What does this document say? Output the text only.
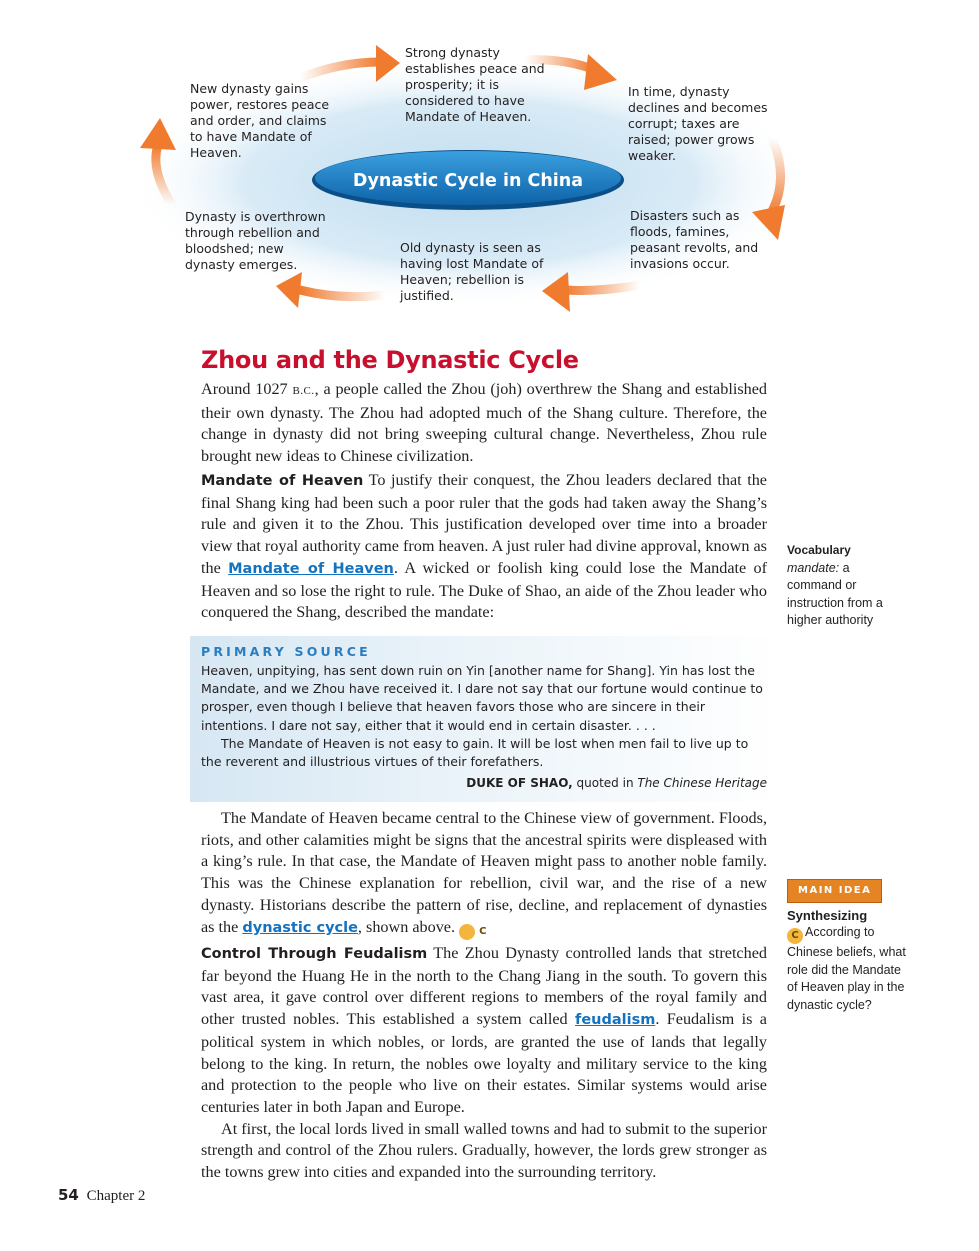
Dynastic Cycle in China
Strong dynasty establishes peace and prosperity; it is considered to have Mandate of Heaven.
In time, dynasty declines and becomes corrupt; taxes are raised; power grows weaker.
Disasters such as floods, famines, peasant revolts, and invasions occur.
Old dynasty is seen as having lost Mandate of Heaven; rebellion is justified.
Dynasty is overthrown through rebellion and bloodshed; new dynasty emerges.
New dynasty gains power, restores peace and order, and claims to have Mandate of Heaven.
Zhou and the Dynastic Cycle

Around 1027 B.C., a people called the Zhou (joh) overthrew the Shang and established their own dynasty. The Zhou had adopted much of the Shang culture. Therefore, the change in dynasty did not bring sweeping cultural change. Nevertheless, Zhou rule brought new ideas to Chinese civilization.

Mandate of Heaven To justify their conquest, the Zhou leaders declared that the final Shang king had been such a poor ruler that the gods had taken away the Shang’s rule and given it to the Zhou. This justification developed over time into a broader view that royal authority came from heaven. A just ruler had divine approval, known as the Mandate of Heaven. A wicked or foolish king could lose the Mandate of Heaven and so lose the right to rule. The Duke of Shao, an aide of the Zhou leader who conquered the Shang, described the mandate:

PRIMARY SOURCE

Heaven, unpitying, has sent down ruin on Yin [another name for Shang]. Yin has lost the Mandate, and we Zhou have received it. I dare not say that our fortune would continue to prosper, even though I believe that heaven favors those who are sincere in their intentions. I dare not say, either that it would end in certain disaster. . . .

The Mandate of Heaven is not easy to gain. It will be lost when men fail to live up to the reverent and illustrious virtues of their forefathers.

DUKE OF SHAO, quoted in The Chinese Heritage

The Mandate of Heaven became central to the Chinese view of government. Floods, riots, and other calamities might be signs that the ancestral spirits were displeased with a king’s rule. In that case, the Mandate of Heaven might pass to another noble family. This was the Chinese explanation for rebellion, civil war, and the rise of a new dynasty. Historians describe the pattern of rise, decline, and replacement of dynasties as the dynastic cycle, shown above. C

Control Through Feudalism The Zhou Dynasty controlled lands that stretched far beyond the Huang He in the north to the Chang Jiang in the south. To govern this vast area, it gave control over different regions to members of the royal family and other trusted nobles. This established a system called feudalism. Feudalism is a political system in which nobles, or lords, are granted the use of lands that legally belong to the king. In return, the nobles owe loyalty and military service to the king and protection to the people who live on their estates. Similar systems would arise centuries later in both Japan and Europe.

At first, the local lords lived in small walled towns and had to submit to the superior strength and control of the Zhou rulers. Gradually, however, the lords grew stronger as the towns grew into cities and expanded into the surrounding territory.

Vocabulary
mandate: a command or instruction from a higher authority
MAIN IDEA
Synthesizing
C According to Chinese beliefs, what role did the Mandate of Heaven play in the dynastic cycle?
54 Chapter 2
